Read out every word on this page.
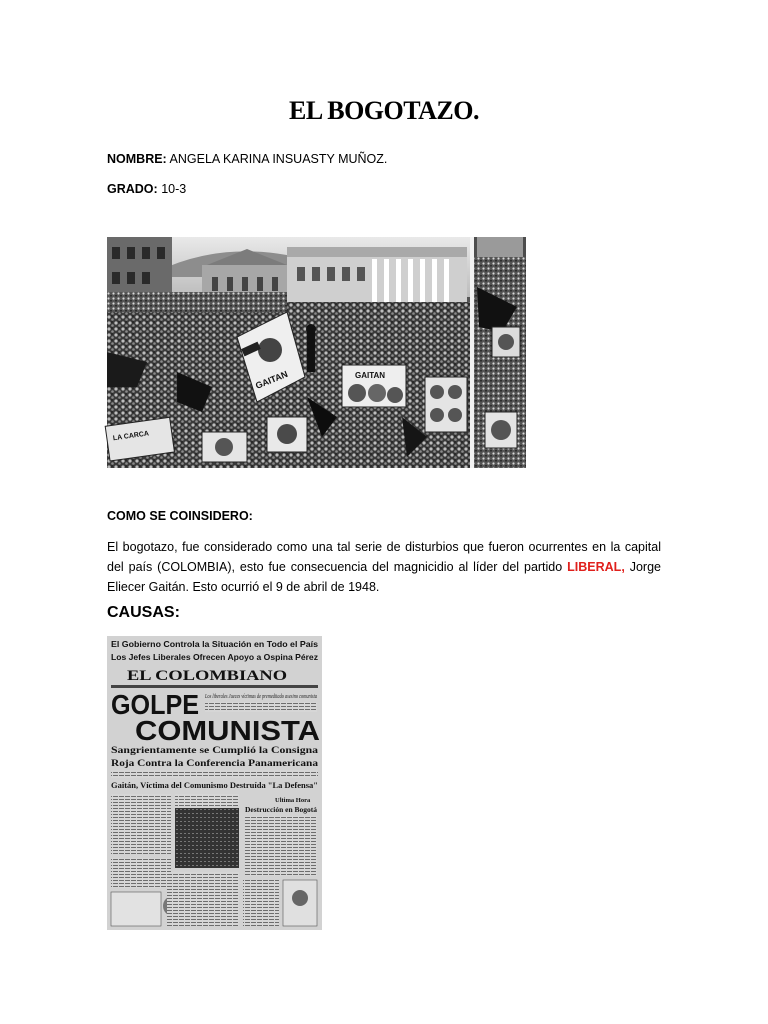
EL BOGOTAZO.
NOMBRE: ANGELA KARINA INSUASTY MUÑOZ.
GRADO: 10-3
GAITAN	GAITAN
LA CARCA
COMO SE COINSIDERO:
El bogotazo, fue considerado como una tal serie de disturbios que fueron ocurrentes en la capital del país (COLOMBIA), esto fue consecuencia del magnicidio al líder del partido LIBERAL, Jorge Eliecer Gaitán. Esto ocurrió el 9 de abril de 1948.
CAUSAS:
El Gobierno Controla la Situación en Todo el País
Los Jefes Liberales Ofrecen Apoyo a Ospina Pérez
EL COLOMBIANO
GOLPE Los liberales Jueces víctimas de premeditado asesino comunista
COMUNISTA
Sangrientamente se Cumplió la Consigna
Roja Contra la Conferencia Panamericana
Gaitán, Víctima del Comunismo Destruída "La Defensa"
Destrucción en Bogotá
Ultima Hora
